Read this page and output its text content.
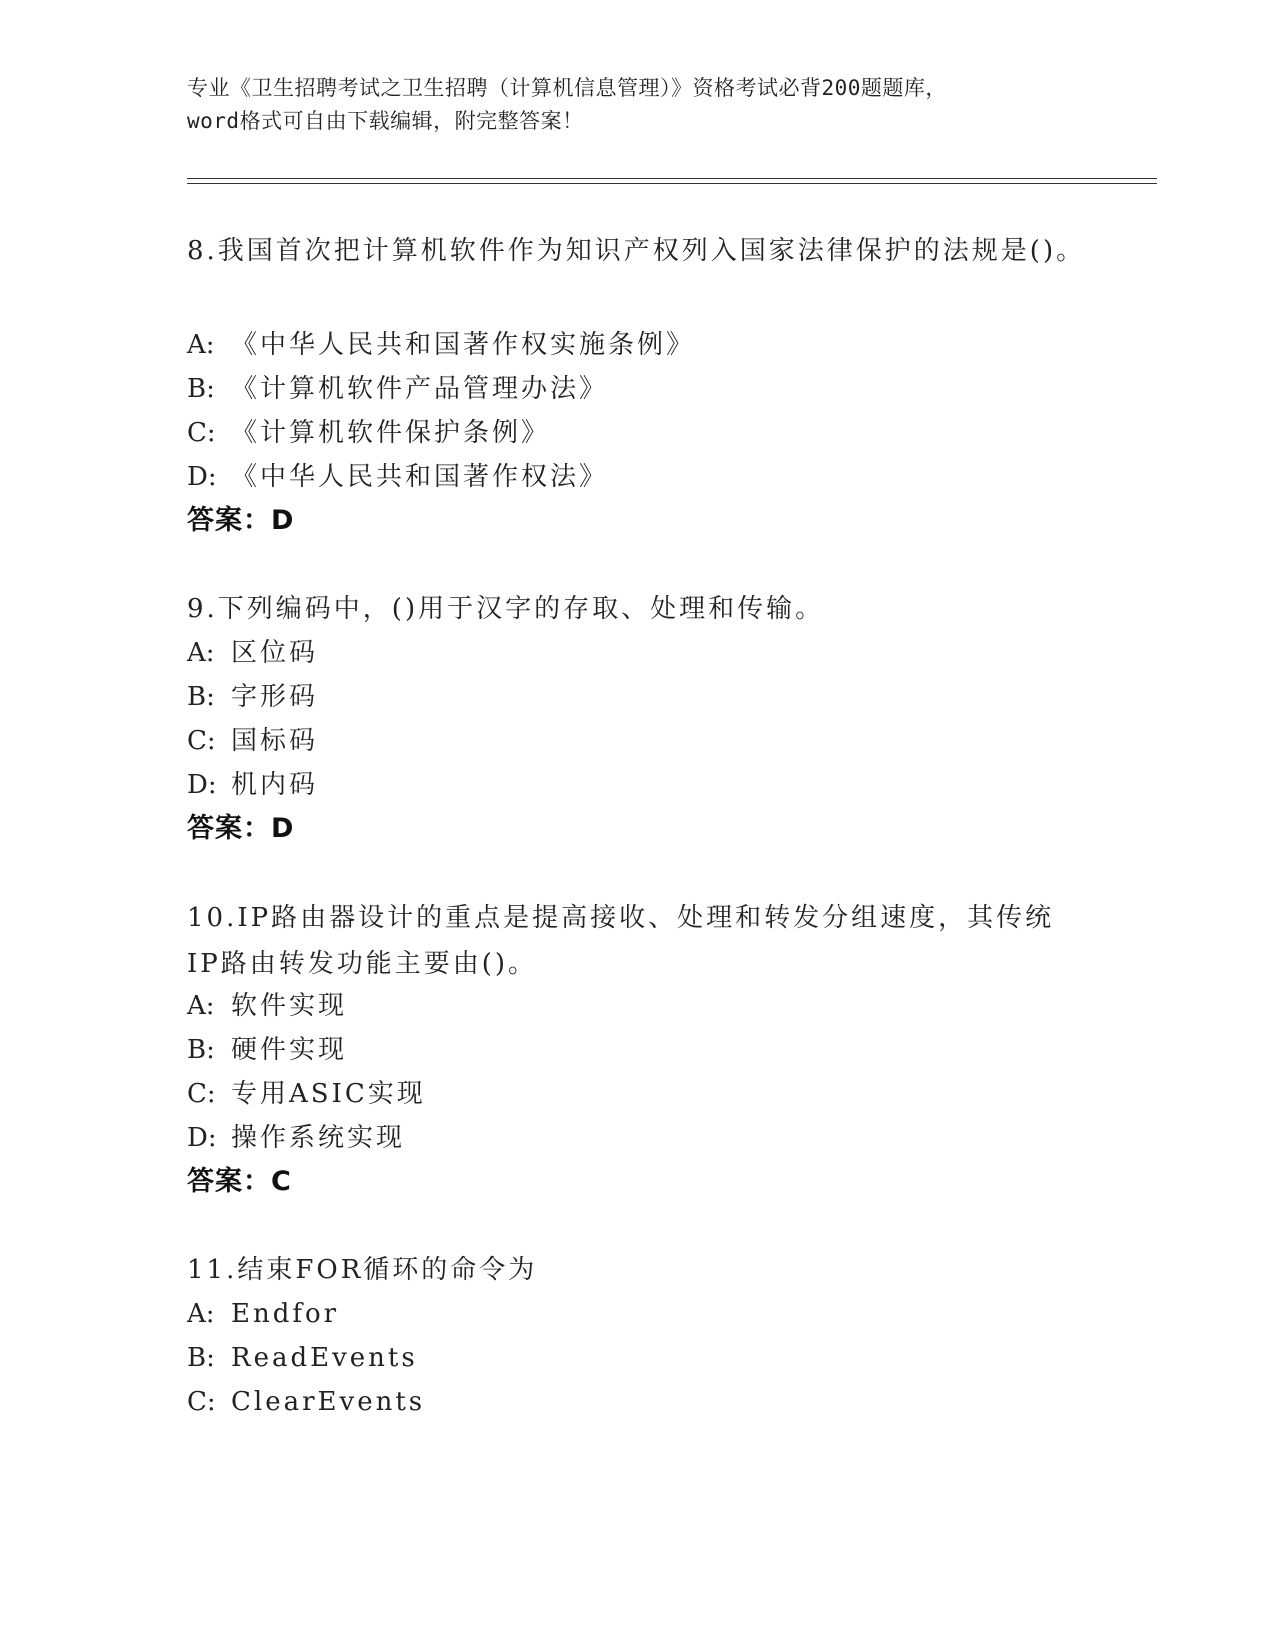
专业《卫生招聘考试之卫生招聘（计算机信息管理）》资格考试必背200题题库，
word格式可自由下载编辑，附完整答案！
8.我国首次把计算机软件作为知识产权列入国家法律保护的法规是()。
A: 《中华人民共和国著作权实施条例》
B: 《计算机软件产品管理办法》
C: 《计算机软件保护条例》
D: 《中华人民共和国著作权法》
答案：D
9.下列编码中，()用于汉字的存取、处理和传输。
A: 区位码
B: 字形码
C: 国标码
D: 机内码
答案：D
10.IP路由器设计的重点是提高接收、处理和转发分组速度，其传统IP路由转发功能主要由()。
A: 软件实现
B: 硬件实现
C: 专用ASIC实现
D: 操作系统实现
答案：C
11.结束FOR循环的命令为
A: Endfor
B: ReadEvents
C: ClearEvents
